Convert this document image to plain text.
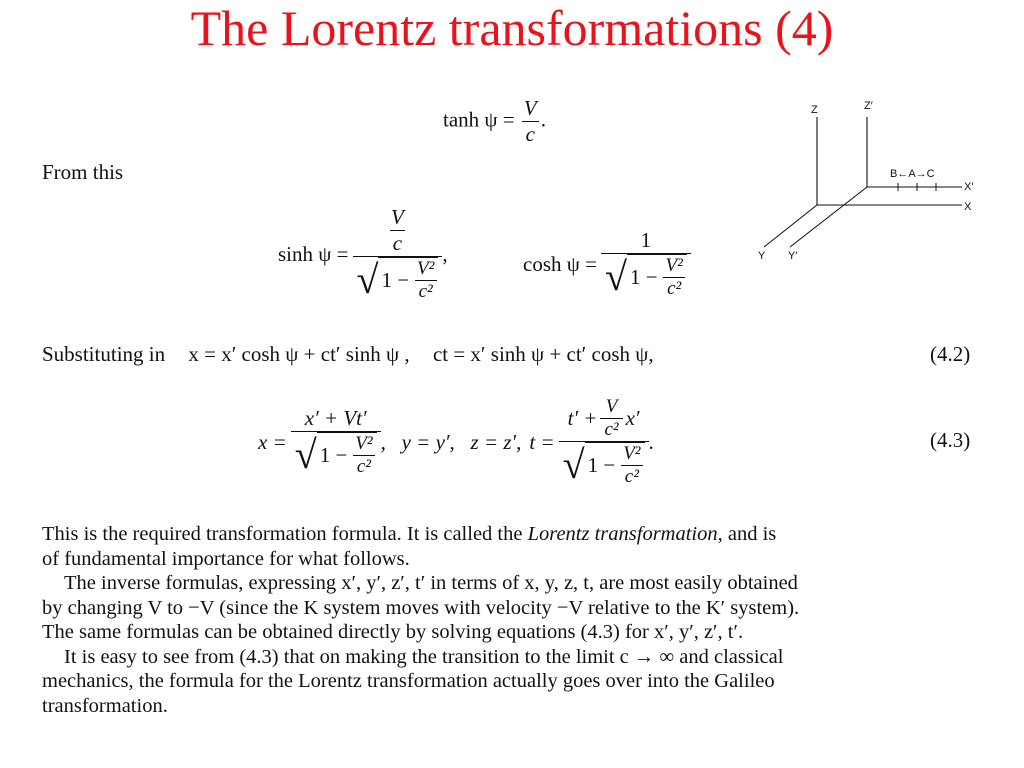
The Lorentz transformations (4)
$\tanh \psi = \frac{V}{c}$ .
From this
sinh ψ =
V
c
√ $1 - \frac{\text{V²}}{\text{c²}}$
,	cosh ψ =
1
√ $1 - \frac{\text{V²}}{\text{c²}}$
Z	Z′
B←A→C
X′
X
Y Y′
Substituting in x = x′ cosh ψ + ct′ sinh ψ , ct = x′ sinh ψ + ct′ cosh ψ,	(4.2)
x =
x′ + Vt′
√ $1 - \frac{\text{V²}}{\text{c²}}$ ,   y = y′,   z = z′, t =
$t' + \frac{V}{\text{c²}} x'$
√ $1 - \frac{\text{V²}}{\text{c²}}$
.	(4.3)
This is the required transformation formula. It is called the Lorentz transformation, and is
of fundamental importance for what follows.
The inverse formulas, expressing x′, y′, z′, t′ in terms of x, y, z, t, are most easily obtained
by changing V to −V (since the K system moves with velocity −V relative to the K′ system).
The same formulas can be obtained directly by solving equations (4.3) for x′, y′, z′, t′.
It is easy to see from (4.3) that on making the transition to the limit c → ∞ and classical
mechanics, the formula for the Lorentz transformation actually goes over into the Galileo
transformation.
